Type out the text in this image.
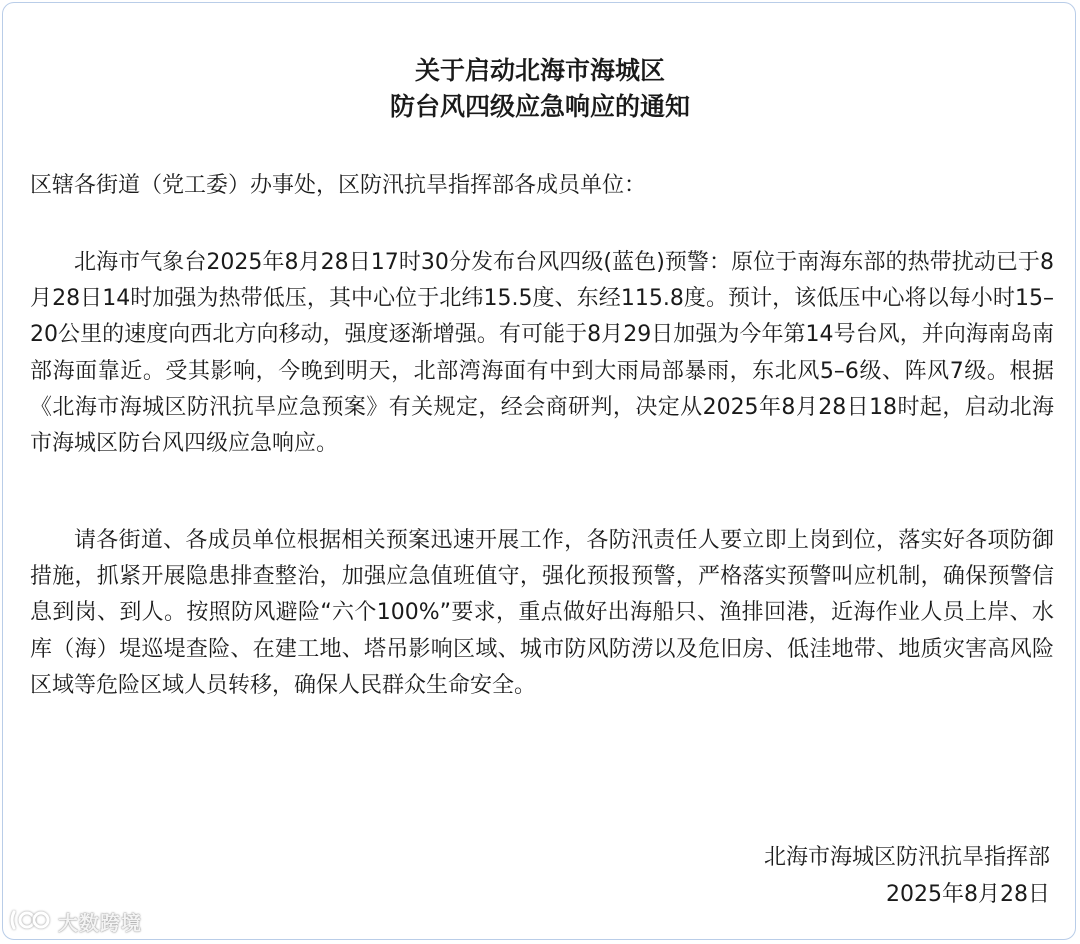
关于启动北海市海城区
防台风四级应急响应的通知
区辖各街道（党工委）办事处，区防汛抗旱指挥部各成员单位：

北海市气象台2025年8月28日17时30分发布台风四级(蓝色)预警：原位于南海东部的热带扰动已于8月28日14时加强为热带低压，其中心位于北纬15.5度、东经115.8度。预计，该低压中心将以每小时15–20公里的速度向西北方向移动，强度逐渐增强。有可能于8月29日加强为今年第14号台风，并向海南岛南部海面靠近。受其影响，今晚到明天，北部湾海面有中到大雨局部暴雨，东北风5–6级、阵风7级。根据《北海市海城区防汛抗旱应急预案》有关规定，经会商研判，决定从2025年8月28日18时起，启动北海市海城区防台风四级应急响应。

请各街道、各成员单位根据相关预案迅速开展工作，各防汛责任人要立即上岗到位，落实好各项防御措施，抓紧开展隐患排查整治，加强应急值班值守，强化预报预警，严格落实预警叫应机制，确保预警信息到岗、到人。按照防风避险“六个100%”要求，重点做好出海船只、渔排回港，近海作业人员上岸、水库（海）堤巡堤查险、在建工地、塔吊影响区域、城市防风防涝以及危旧房、低洼地带、地质灾害高风险区域等危险区域人员转移，确保人民群众生命安全。

北海市海城区防汛抗旱指挥部
2025年8月28日
大数跨境
